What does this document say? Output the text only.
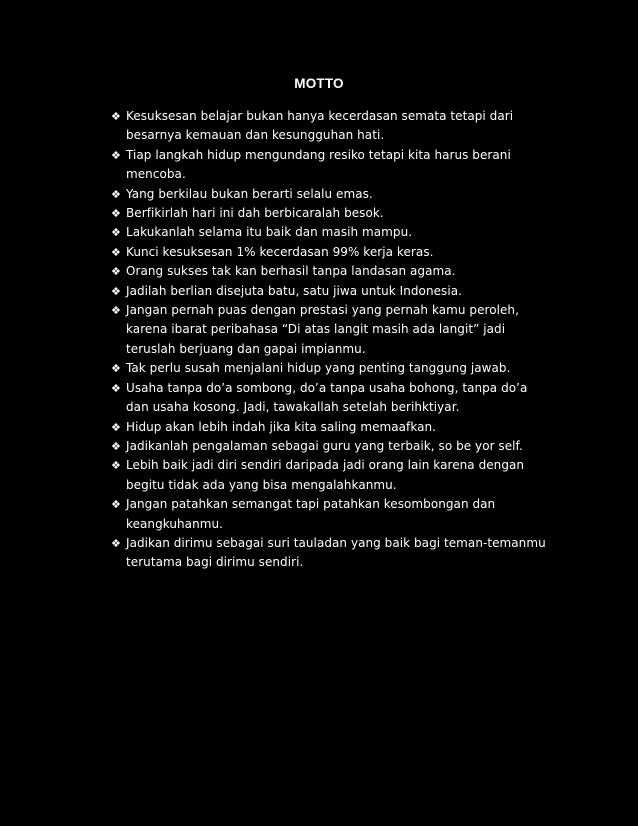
MOTTO
❖ Kesuksesan belajar bukan hanya kecerdasan semata tetapi dari besarnya kemauan dan kesungguhan hati.
❖ Tiap langkah hidup mengundang resiko tetapi kita harus berani mencoba.
❖ Yang berkilau bukan berarti selalu emas.
❖ Berfikirlah hari ini dah berbicaralah besok.
❖ Lakukanlah selama itu baik dan masih mampu.
❖ Kunci kesuksesan 1% kecerdasan 99% kerja keras.
❖ Orang sukses tak kan berhasil tanpa landasan agama.
❖ Jadilah berlian disejuta batu, satu jiwa untuk Indonesia.
❖ Jangan pernah puas dengan prestasi yang pernah kamu peroleh, karena ibarat peribahasa “Di atas langit masih ada langit” jadi teruslah berjuang dan gapai impianmu.
❖ Tak perlu susah menjalani hidup yang penting tanggung jawab.
❖ Usaha tanpa do’a sombong, do’a tanpa usaha bohong, tanpa do’a dan usaha kosong. Jadi, tawakallah setelah berihktiyar.
❖ Hidup akan lebih indah jika kita saling memaafkan.
❖ Jadikanlah pengalaman sebagai guru yang terbaik, so be yor self.
❖ Lebih baik jadi diri sendiri daripada jadi orang lain karena dengan begitu tidak ada yang bisa mengalahkanmu.
❖ Jangan patahkan semangat tapi patahkan kesombongan dan keangkuhanmu.
❖ Jadikan dirimu sebagai suri tauladan yang baik bagi teman-temanmu terutama bagi dirimu sendiri.
